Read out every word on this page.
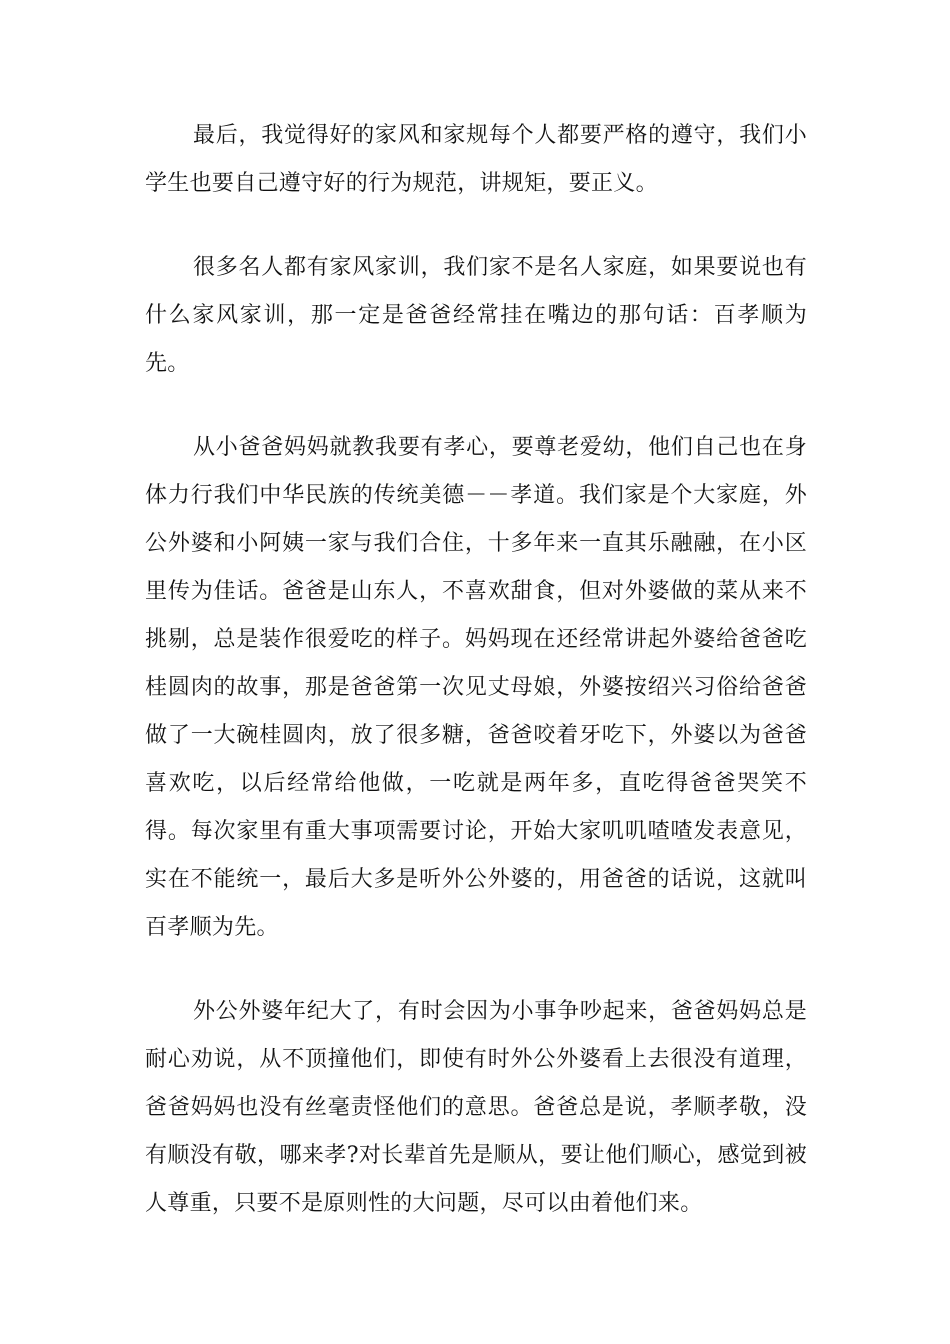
最后，我觉得好的家风和家规每个人都要严格的遵守，我们小学生也要自己遵守好的行为规范，讲规矩，要正义。

很多名人都有家风家训，我们家不是名人家庭，如果要说也有什么家风家训，那一定是爸爸经常挂在嘴边的那句话：百孝顺为先。

从小爸爸妈妈就教我要有孝心，要尊老爱幼，他们自己也在身体力行我们中华民族的传统美德－－孝道。我们家是个大家庭，外公外婆和小阿姨一家与我们合住，十多年来一直其乐融融，在小区里传为佳话。爸爸是山东人，不喜欢甜食，但对外婆做的菜从来不挑剔，总是装作很爱吃的样子。妈妈现在还经常讲起外婆给爸爸吃桂圆肉的故事，那是爸爸第一次见丈母娘，外婆按绍兴习俗给爸爸做了一大碗桂圆肉，放了很多糖，爸爸咬着牙吃下，外婆以为爸爸喜欢吃，以后经常给他做，一吃就是两年多，直吃得爸爸哭笑不得。每次家里有重大事项需要讨论，开始大家叽叽喳喳发表意见，实在不能统一，最后大多是听外公外婆的，用爸爸的话说，这就叫百孝顺为先。

外公外婆年纪大了，有时会因为小事争吵起来，爸爸妈妈总是耐心劝说，从不顶撞他们，即使有时外公外婆看上去很没有道理，爸爸妈妈也没有丝毫责怪他们的意思。爸爸总是说，孝顺孝敬，没有顺没有敬，哪来孝?对长辈首先是顺从，要让他们顺心，感觉到被人尊重，只要不是原则性的大问题，尽可以由着他们来。
